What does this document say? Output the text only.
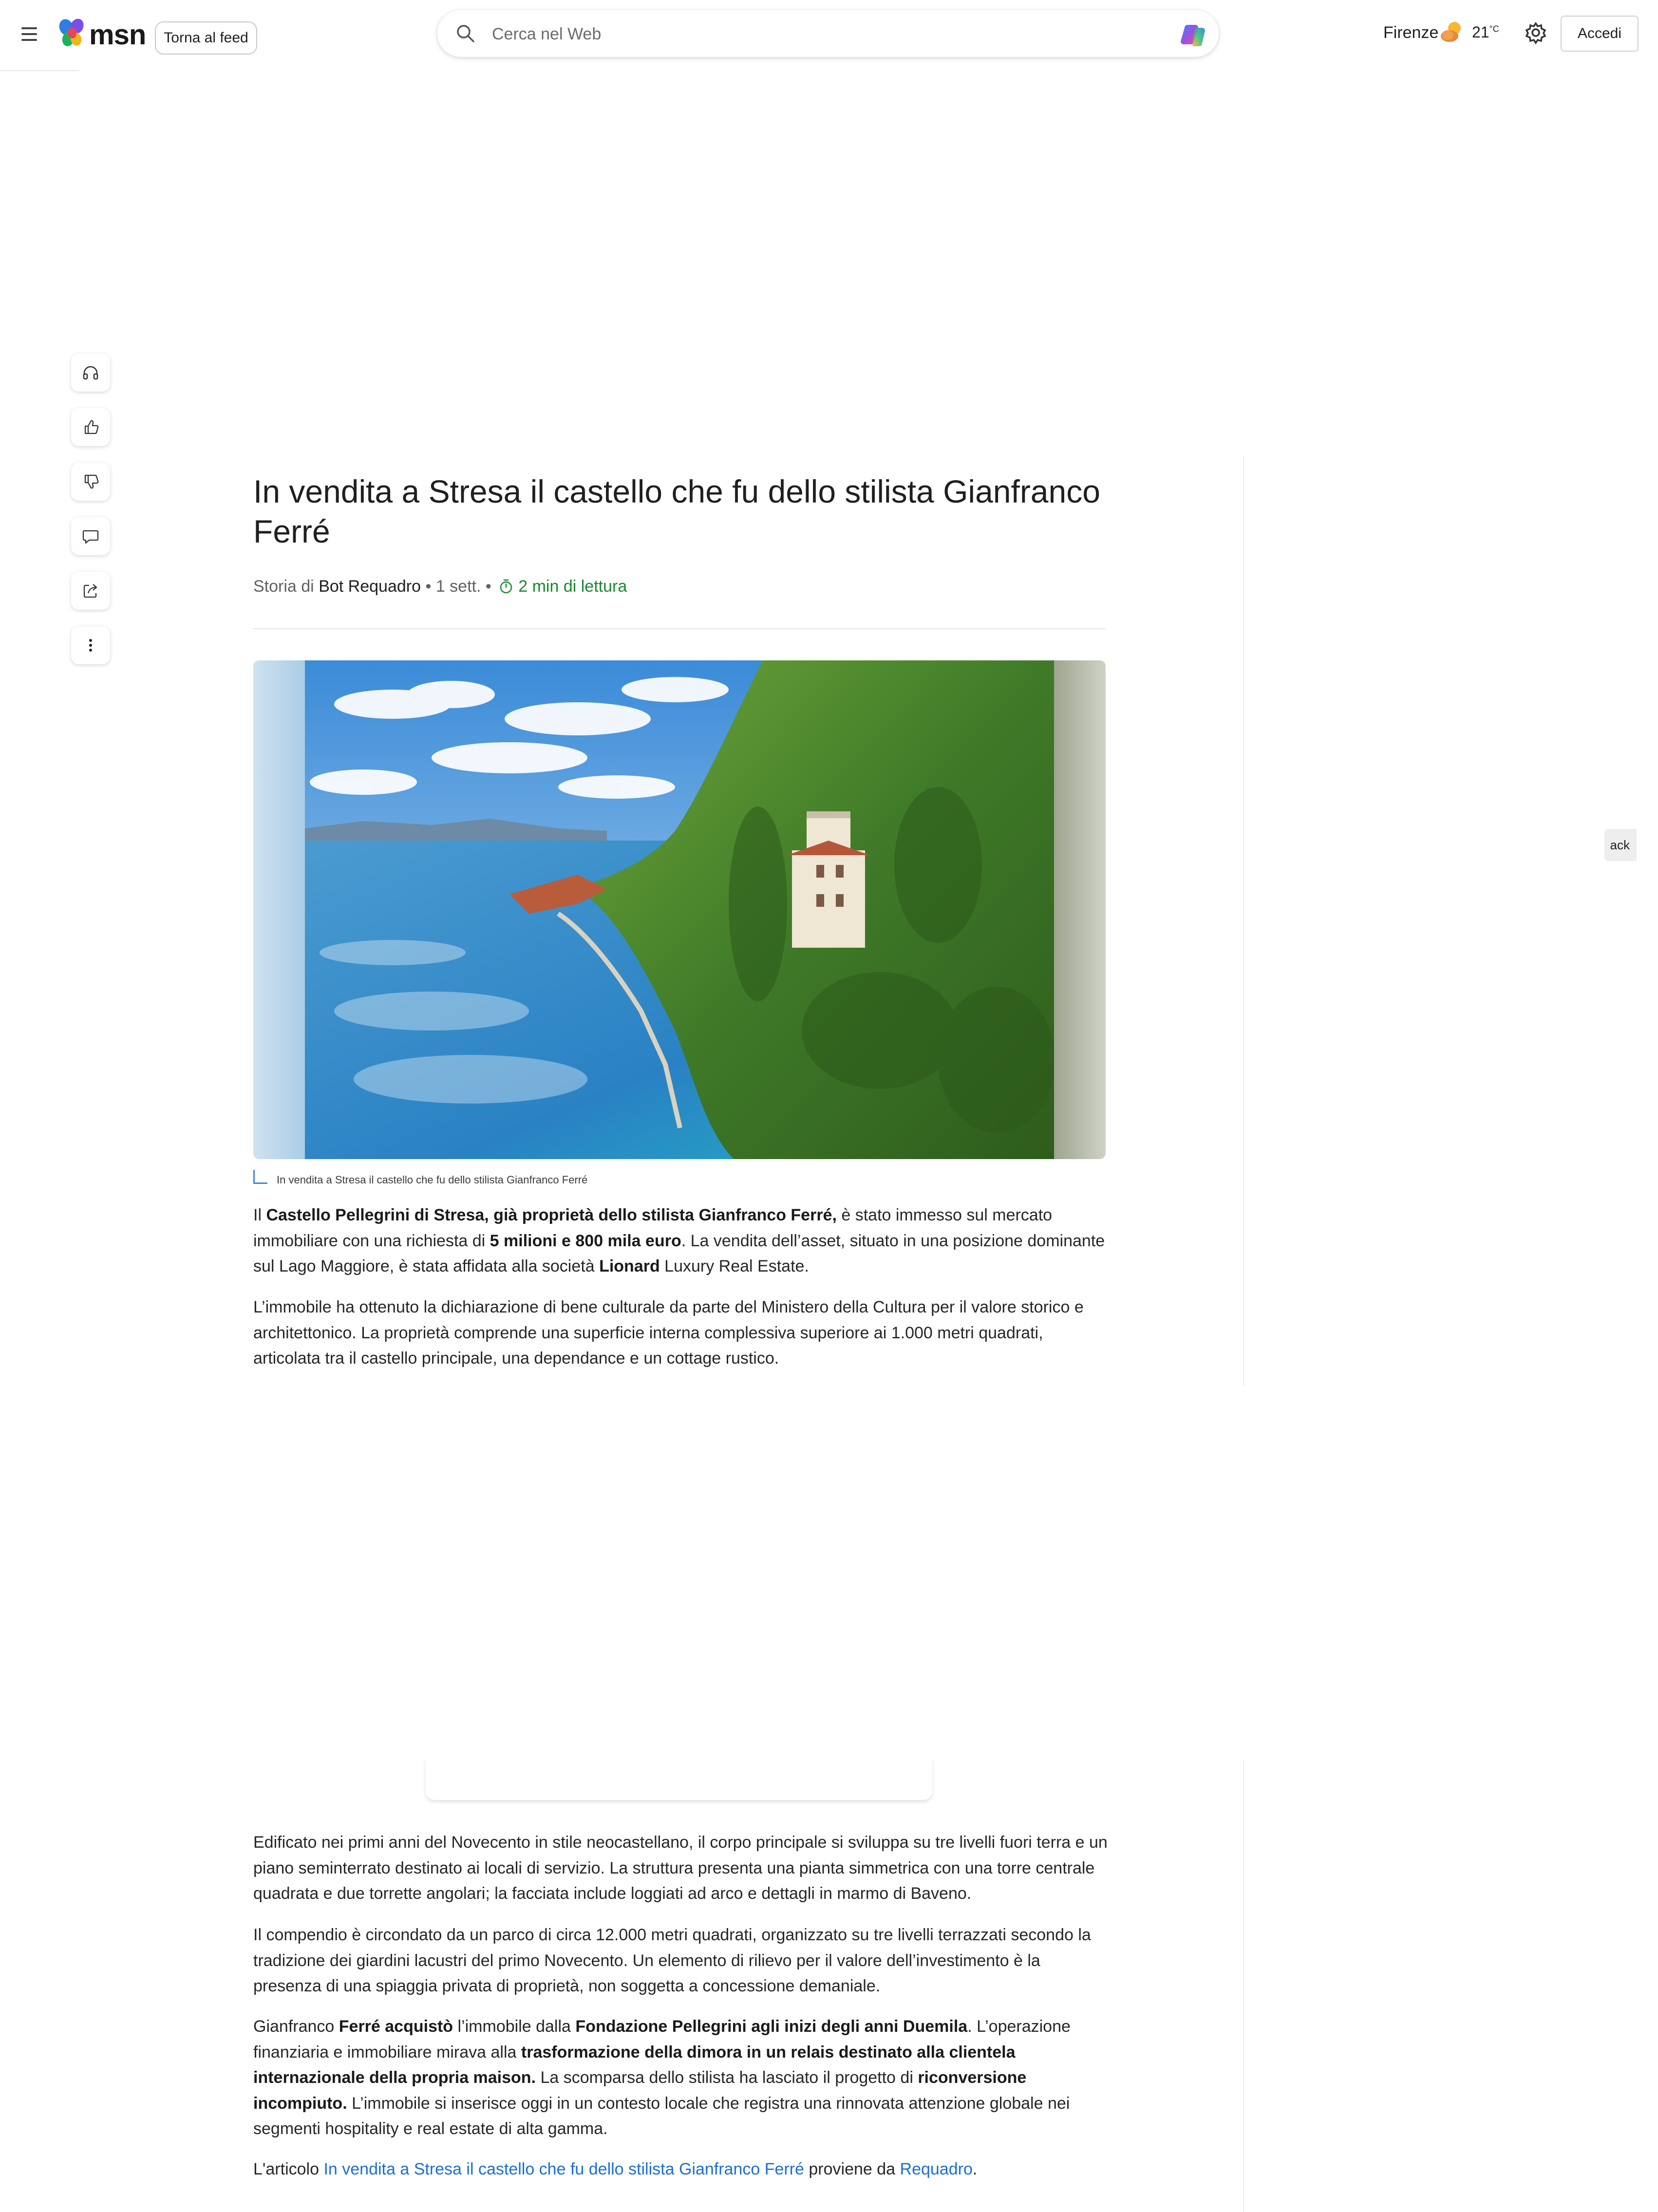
msn	Torna al feed
Cerca nel Web	Firenze $21^{^\circ C}$	Accedi
In vendita a Stresa il castello che fu dello stilista Gianfranco Ferré
Storia di Bot Requadro • 1 sett. • 2 min di lettura
In vendita a Stresa il castello che fu dello stilista Gianfranco Ferré

Il Castello Pellegrini di Stresa, già proprietà dello stilista Gianfranco Ferré, è stato immesso sul mercato immobiliare con una richiesta di 5 milioni e 800 mila euro. La vendita dell’asset, situato in una posizione dominante sul Lago Maggiore, è stata affidata alla società Lionard Luxury Real Estate.

L’immobile ha ottenuto la dichiarazione di bene culturale da parte del Ministero della Cultura per il valore storico e architettonico. La proprietà comprende una superficie interna complessiva superiore ai 1.000 metri quadrati, articolata tra il castello principale, una dependance e un cottage rustico.

Edificato nei primi anni del Novecento in stile neocastellano, il corpo principale si sviluppa su tre livelli fuori terra e un piano seminterrato destinato ai locali di servizio. La struttura presenta una pianta simmetrica con una torre centrale quadrata e due torrette angolari; la facciata include loggiati ad arco e dettagli in marmo di Baveno.

Il compendio è circondato da un parco di circa 12.000 metri quadrati, organizzato su tre livelli terrazzati secondo la tradizione dei giardini lacustri del primo Novecento. Un elemento di rilievo per il valore dell’investimento è la presenza di una spiaggia privata di proprietà, non soggetta a concessione demaniale.

Gianfranco Ferré acquistò l’immobile dalla Fondazione Pellegrini agli inizi degli anni Duemila. L’operazione finanziaria e immobiliare mirava alla trasformazione della dimora in un relais destinato alla clientela internazionale della propria maison. La scomparsa dello stilista ha lasciato il progetto di riconversione incompiuto. L’immobile si inserisce oggi in un contesto locale che registra una rinnovata attenzione globale nei segmenti hospitality e real estate di alta gamma.

L'articolo In vendita a Stresa il castello che fu dello stilista Gianfranco Ferré proviene da Requadro.

ack
